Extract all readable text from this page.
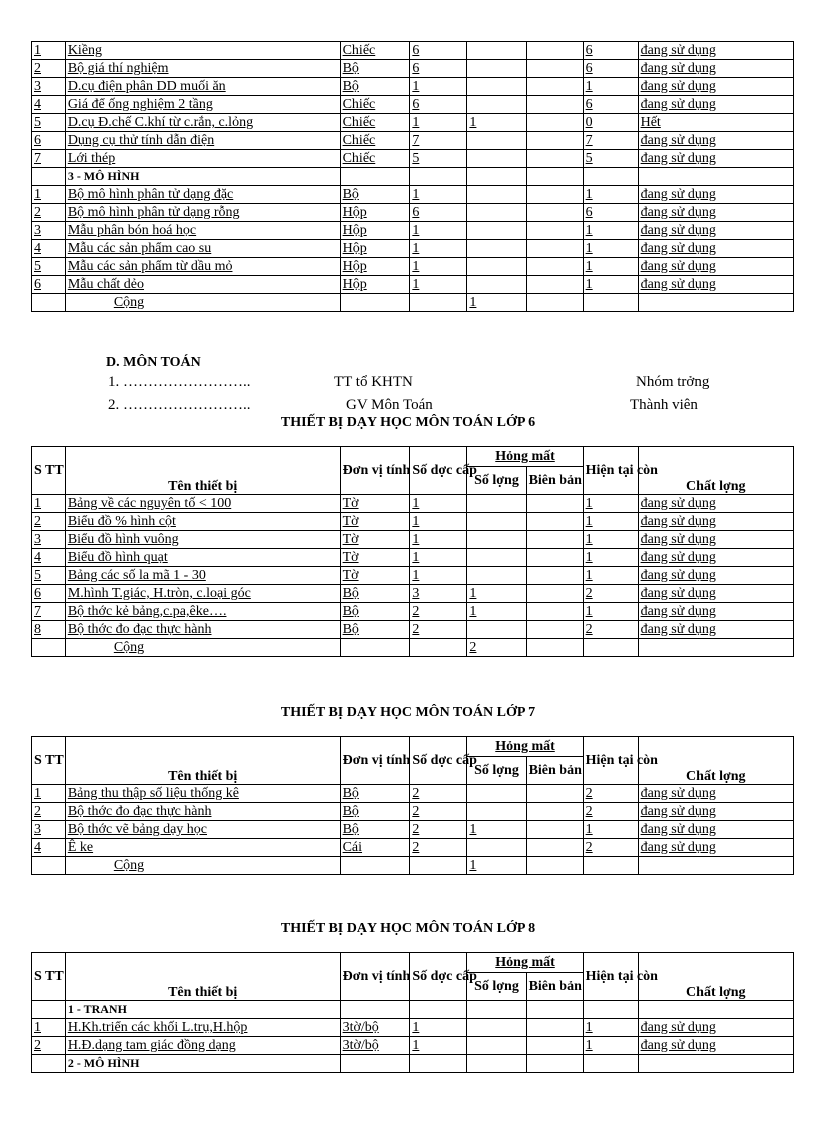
1	Kiềng	Chiếc	6			6	đang sử dụng
2	Bộ giá thí nghiệm	Bộ	6			6	đang sử dụng
3	D.cụ điện phân DD muối ăn	Bộ	1			1	đang sử dụng
4	Giá để ống nghiệm 2 tầng	Chiếc	6			6	đang sử dụng
5	D.cụ Đ.chế C.khí từ c.rắn, c.lỏng	Chiếc	1	1		0	Hết
6	Dụng cụ thử tính dẫn điện	Chiếc	7			7	đang sử dụng
7	Lới thép	Chiếc	5			5	đang sử dụng
	3 - MÔ HÌNH						
1	Bộ mô hình phân tử dạng đặc	Bộ	1			1	đang sử dụng
2	Bộ mô hình phân tử dạng rỗng	Hộp	6			6	đang sử dụng
3	Mẫu phân bón hoá học	Hộp	1			1	đang sử dụng
4	Mẫu các sản phẩm cao su	Hộp	1			1	đang sử dụng
5	Mẫu các sản phẩm từ dầu mỏ	Hộp	1			1	đang sử dụng
6	Mẫu chất dẻo	Hộp	1			1	đang sử dụng
	Cộng			1			
D. MÔN TOÁN
1. ……………………..	TT tổ KHTN	Nhóm trởng
2. ……………………..	GV Môn Toán	Thành viên
THIẾT BỊ DẠY HỌC MÔN TOÁN LỚP 6
S TT	Tên thiết bị	Đơn vị tính	Số dợc cấp	Hỏng mất		Hiện tại còn	Chất lợng
				Số lợng	Biên bản		
1	Bảng về các nguyên tố < 100	Tờ	1			1	đang sử dụng
2	Biểu đồ % hình cột	Tờ	1			1	đang sử dụng
3	Biểu đồ hình vuông	Tờ	1			1	đang sử dụng
4	Biểu đồ hình quạt	Tờ	1			1	đang sử dụng
5	Bảng các số la mã 1 - 30	Tờ	1			1	đang sử dụng
6	M.hình T.giác, H.tròn, c.loại góc	Bộ	3	1		2	đang sử dụng
7	Bộ thớc kẻ bảng,c.pa,êke….	Bộ	2	1		1	đang sử dụng
8	Bộ thớc đo đạc thực hành	Bộ	2			2	đang sử dụng
	Cộng			2			
THIẾT BỊ DẠY HỌC MÔN TOÁN LỚP 7
S TT	Tên thiết bị	Đơn vị tính	Số dợc cấp	Hỏng mất		Hiện tại còn	Chất lợng
				Số lợng	Biên bản		
1	Bảng thu thập số liệu thống kê	Bộ	2			2	đang sử dụng
2	Bộ thớc đo đạc thực hành	Bộ	2			2	đang sử dụng
3	Bộ thớc vẽ bảng dạy học	Bộ	2	1		1	đang sử dụng
4	Ê ke	Cái	2			2	đang sử dụng
	Cộng			1			
THIẾT BỊ DẠY HỌC MÔN TOÁN LỚP 8
S TT	Tên thiết bị	Đơn vị tính	Số dợc cấp	Hỏng mất		Hiện tại còn	Chất lợng
				Số lợng	Biên bản		
	1 - TRANH						
1	H.Kh.triển các khối L.trụ,H.hộp	3tờ/bộ	1			1	đang sử dụng
2	H.Đ.dạng tam giác đồng dạng	3tờ/bộ	1			1	đang sử dụng
	2 - MÔ HÌNH						
